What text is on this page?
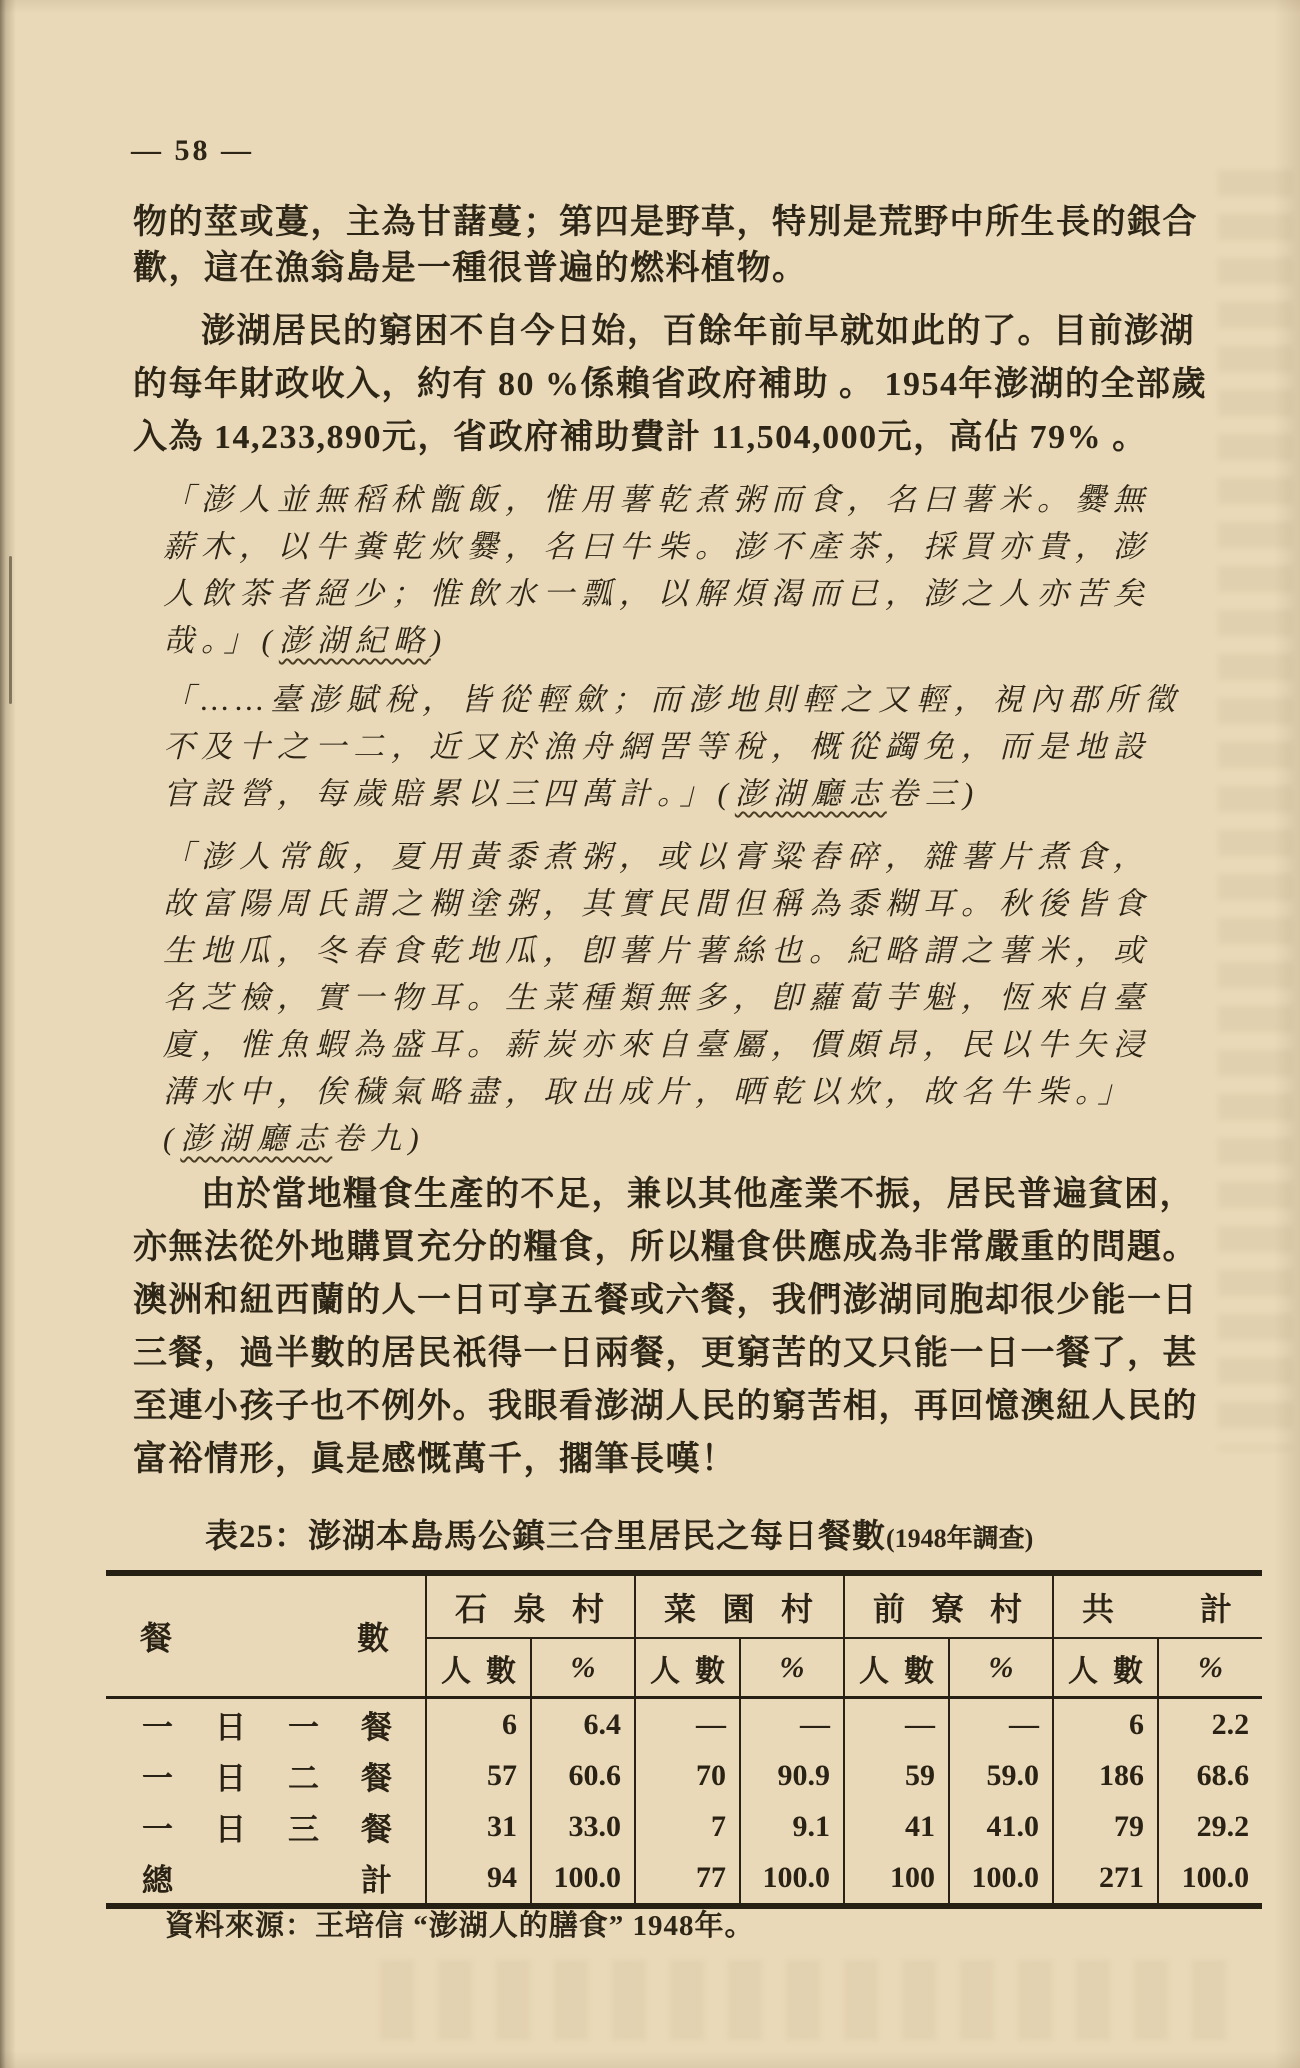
— 58 —
物的莖或蔓，主為甘藷蔓；第四是野草，特別是荒野中所生長的銀合
歡，這在漁翁島是一種很普遍的燃料植物。
澎湖居民的窮困不自今日始，百餘年前早就如此的了。目前澎湖
的每年財政收入，約有 80 %係賴省政府補助 。 1954年澎湖的全部歲
入為 14,233,890元，省政府補助費計 11,504,000元，高佔 79% 。
「澎人並無稻秫甑飯，惟用薯乾煮粥而食，名曰薯米。爨無
薪木，以牛糞乾炊爨，名曰牛柴。澎不產茶，採買亦貴，澎
人飲茶者絕少；惟飲水一瓢，以解煩渴而已，澎之人亦苦矣
哉。」(澎湖紀略)
「……臺澎賦稅，皆從輕歛；而澎地則輕之又輕，視內郡所徵
不及十之一二，近又於漁舟網罟等稅，概從蠲免，而是地設
官設營，每歲賠累以三四萬計。」(澎湖廳志卷三)
「澎人常飯，夏用黃黍煮粥，或以膏粱舂碎，雜薯片煮食，
故富陽周氏謂之糊塗粥，其實民間但稱為黍糊耳。秋後皆食
生地瓜，冬春食乾地瓜，卽薯片薯絲也。紀略謂之薯米，或
名芝檢，實一物耳。生菜種類無多，卽蘿蔔芋魁，恆來自臺
廈，惟魚蝦為盛耳。薪炭亦來自臺屬，價頗昂，民以牛矢浸
溝水中，俟穢氣略盡，取出成片，晒乾以炊，故名牛柴。」
(澎湖廳志卷九)
由於當地糧食生產的不足，兼以其他產業不振，居民普遍貧困，
亦無法從外地購買充分的糧食，所以糧食供應成為非常嚴重的問題。
澳洲和紐西蘭的人一日可享五餐或六餐，我們澎湖同胞却很少能一日
三餐，過半數的居民祇得一日兩餐，更窮苦的又只能一日一餐了，甚
至連小孩子也不例外。我眼看澎湖人民的窮苦相，再回憶澳紐人民的
富裕情形，眞是感慨萬千，擱筆長嘆！
表25：澎湖本島馬公鎮三合里居民之每日餐數(1948年調查)
餐 數	石 泉 村		菜 園 村		前 寮 村		共 計	
	人 數	%	人 數	%	人 數	%	人 數	%
一 日 一 餐	6	6.4	—	—	—	—	6	2.2
一 日 二 餐	57	60.6	70	90.9	59	59.0	186	68.6
一 日 三 餐	31	33.0	7	9.1	41	41.0	79	29.2
總 計	94	100.0	77	100.0	100	100.0	271	100.0
資料來源：王培信 “澎湖人的膳食” 1948年。
